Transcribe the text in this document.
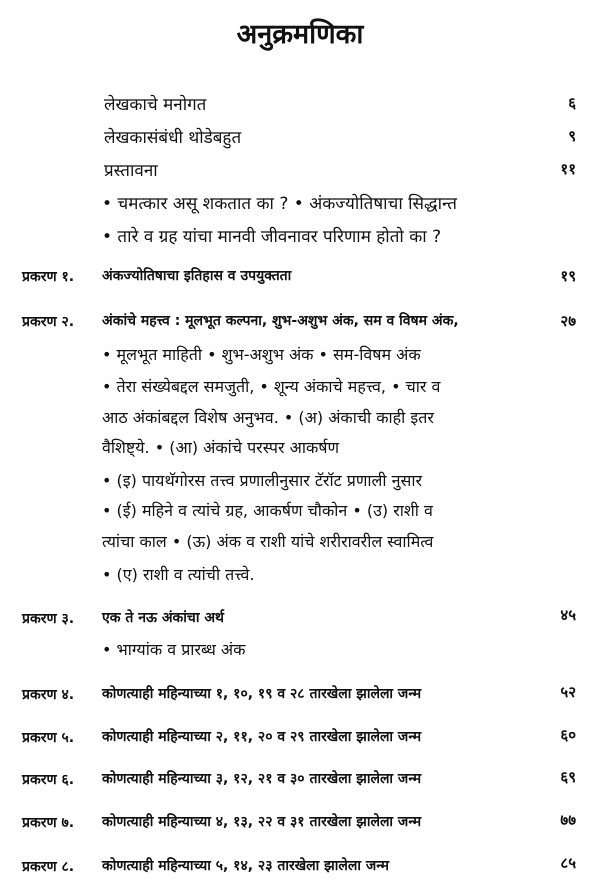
अनुक्रमणिका
लेखकाचे मनोगत	६
लेखकासंबंधी थोडेबहुत	९
प्रस्तावना	११
• चमत्कार असू शकतात का ? • अंकज्योतिषाचा सिद्धान्त
• तारे व ग्रह यांचा मानवी जीवनावर परिणाम होतो का ?
प्रकरण १. अंकज्योतिषाचा इतिहास व उपयुक्तता	१९
प्रकरण २. अंकांचे महत्त्व : मूलभूत कल्पना, शुभ-अशुभ अंक, सम व विषम अंक,	२७
• मूलभूत माहिती • शुभ-अशुभ अंक • सम-विषम अंक
• तेरा संख्येबद्दल समजुती, • शून्य अंकाचे महत्त्व, • चार व
आठ अंकांबद्दल विशेष अनुभव. • (अ) अंकाची काही इतर
वैशिष्ट्ये. • (आ) अंकांचे परस्पर आकर्षण
• (इ) पायथॅगोरस तत्त्व प्रणालीनुसार टॅरॉट प्रणाली नुसार
• (ई) महिने व त्यांचे ग्रह, आकर्षण चौकोन • (उ) राशी व
त्यांचा काल • (ऊ) अंक व राशी यांचे शरीरावरील स्वामित्व
• (ए) राशी व त्यांची तत्त्वे.
प्रकरण ३. एक ते नऊ अंकांचा अर्थ	४५
• भाग्यांक व प्रारब्ध अंक
प्रकरण ४. कोणत्याही महिन्याच्या १, १०, १९ व २८ तारखेला झालेला जन्म	५२
प्रकरण ५. कोणत्याही महिन्याच्या २, ११, २० व २९ तारखेला झालेला जन्म	६०
प्रकरण ६. कोणत्याही महिन्याच्या ३, १२, २१ व ३० तारखेला झालेला जन्म	६९
प्रकरण ७. कोणत्याही महिन्याच्या ४, १३, २२ व ३१ तारखेला झालेला जन्म	७७
प्रकरण ८. कोणत्याही महिन्याच्या ५, १४, २३ तारखेला झालेला जन्म	८५
